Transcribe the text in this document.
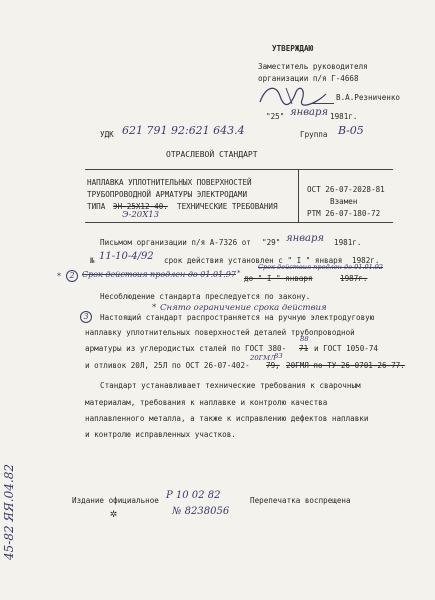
УТВЕРЖДАЮ
Заместитель руководителя
организации п/я Г-4668
В.А.Резниченко
"25" января 1981г.
УДК 621 791 92:621 643.4	Группа В-05
ОТРАСЛЕВОЙ СТАНДАРТ
НАПЛАВКА УПЛОТНИТЕЛЬНЫХ ПОВЕРХНОСТЕЙ
ТРУБОПРОВОДНОЙ АРМАТУРЫ ЭЛЕКТРОДАМИ
ТИПА ЭН-25Х12-40. ТЕХНИЧЕСКИЕ ТРЕБОВАНИЯ
Э-20Х13
ОСТ 26-07-2028-81
Взамен
РТМ 26-07-180-72
Письмом организации п/я А-7326 от "29" января 1981г.
№ 11-10-4/92 срок действия установлен с " I " января 1982г.
*	2 Срок действия продлен до 01.01.97 *
до " I " января	1987г.
Срок действия продлен до 01.01.92
Несоблюдение стандарта преследуется по закону.
* Снято ограничение срока действия
3	Настоящий стандарт распространяется на ручную электродуговую
наплавку уплотнительных поверхностей деталей трубопроводной
арматуры из углеродистых сталей по ГОСТ 380- 71
88
и ГОСТ 1050-74
20ГМЛ
и отливок 20Л, 25Л по ОСТ 26-07-402- 79,
83
20ГМЛ по ТУ 26-0701-26-77.
Стандарт устанавливает технические требования к сварочным
материалам, требования к наплавке и контролю качества
наплавленного металла, а также к исправлению дефектов наплавки
и контролю исправленных участков.
Издание официальное Р 10 02 82	Перепечатка воспрещена
✲	№ 8238056
45-82 ЯЯ.04.82
